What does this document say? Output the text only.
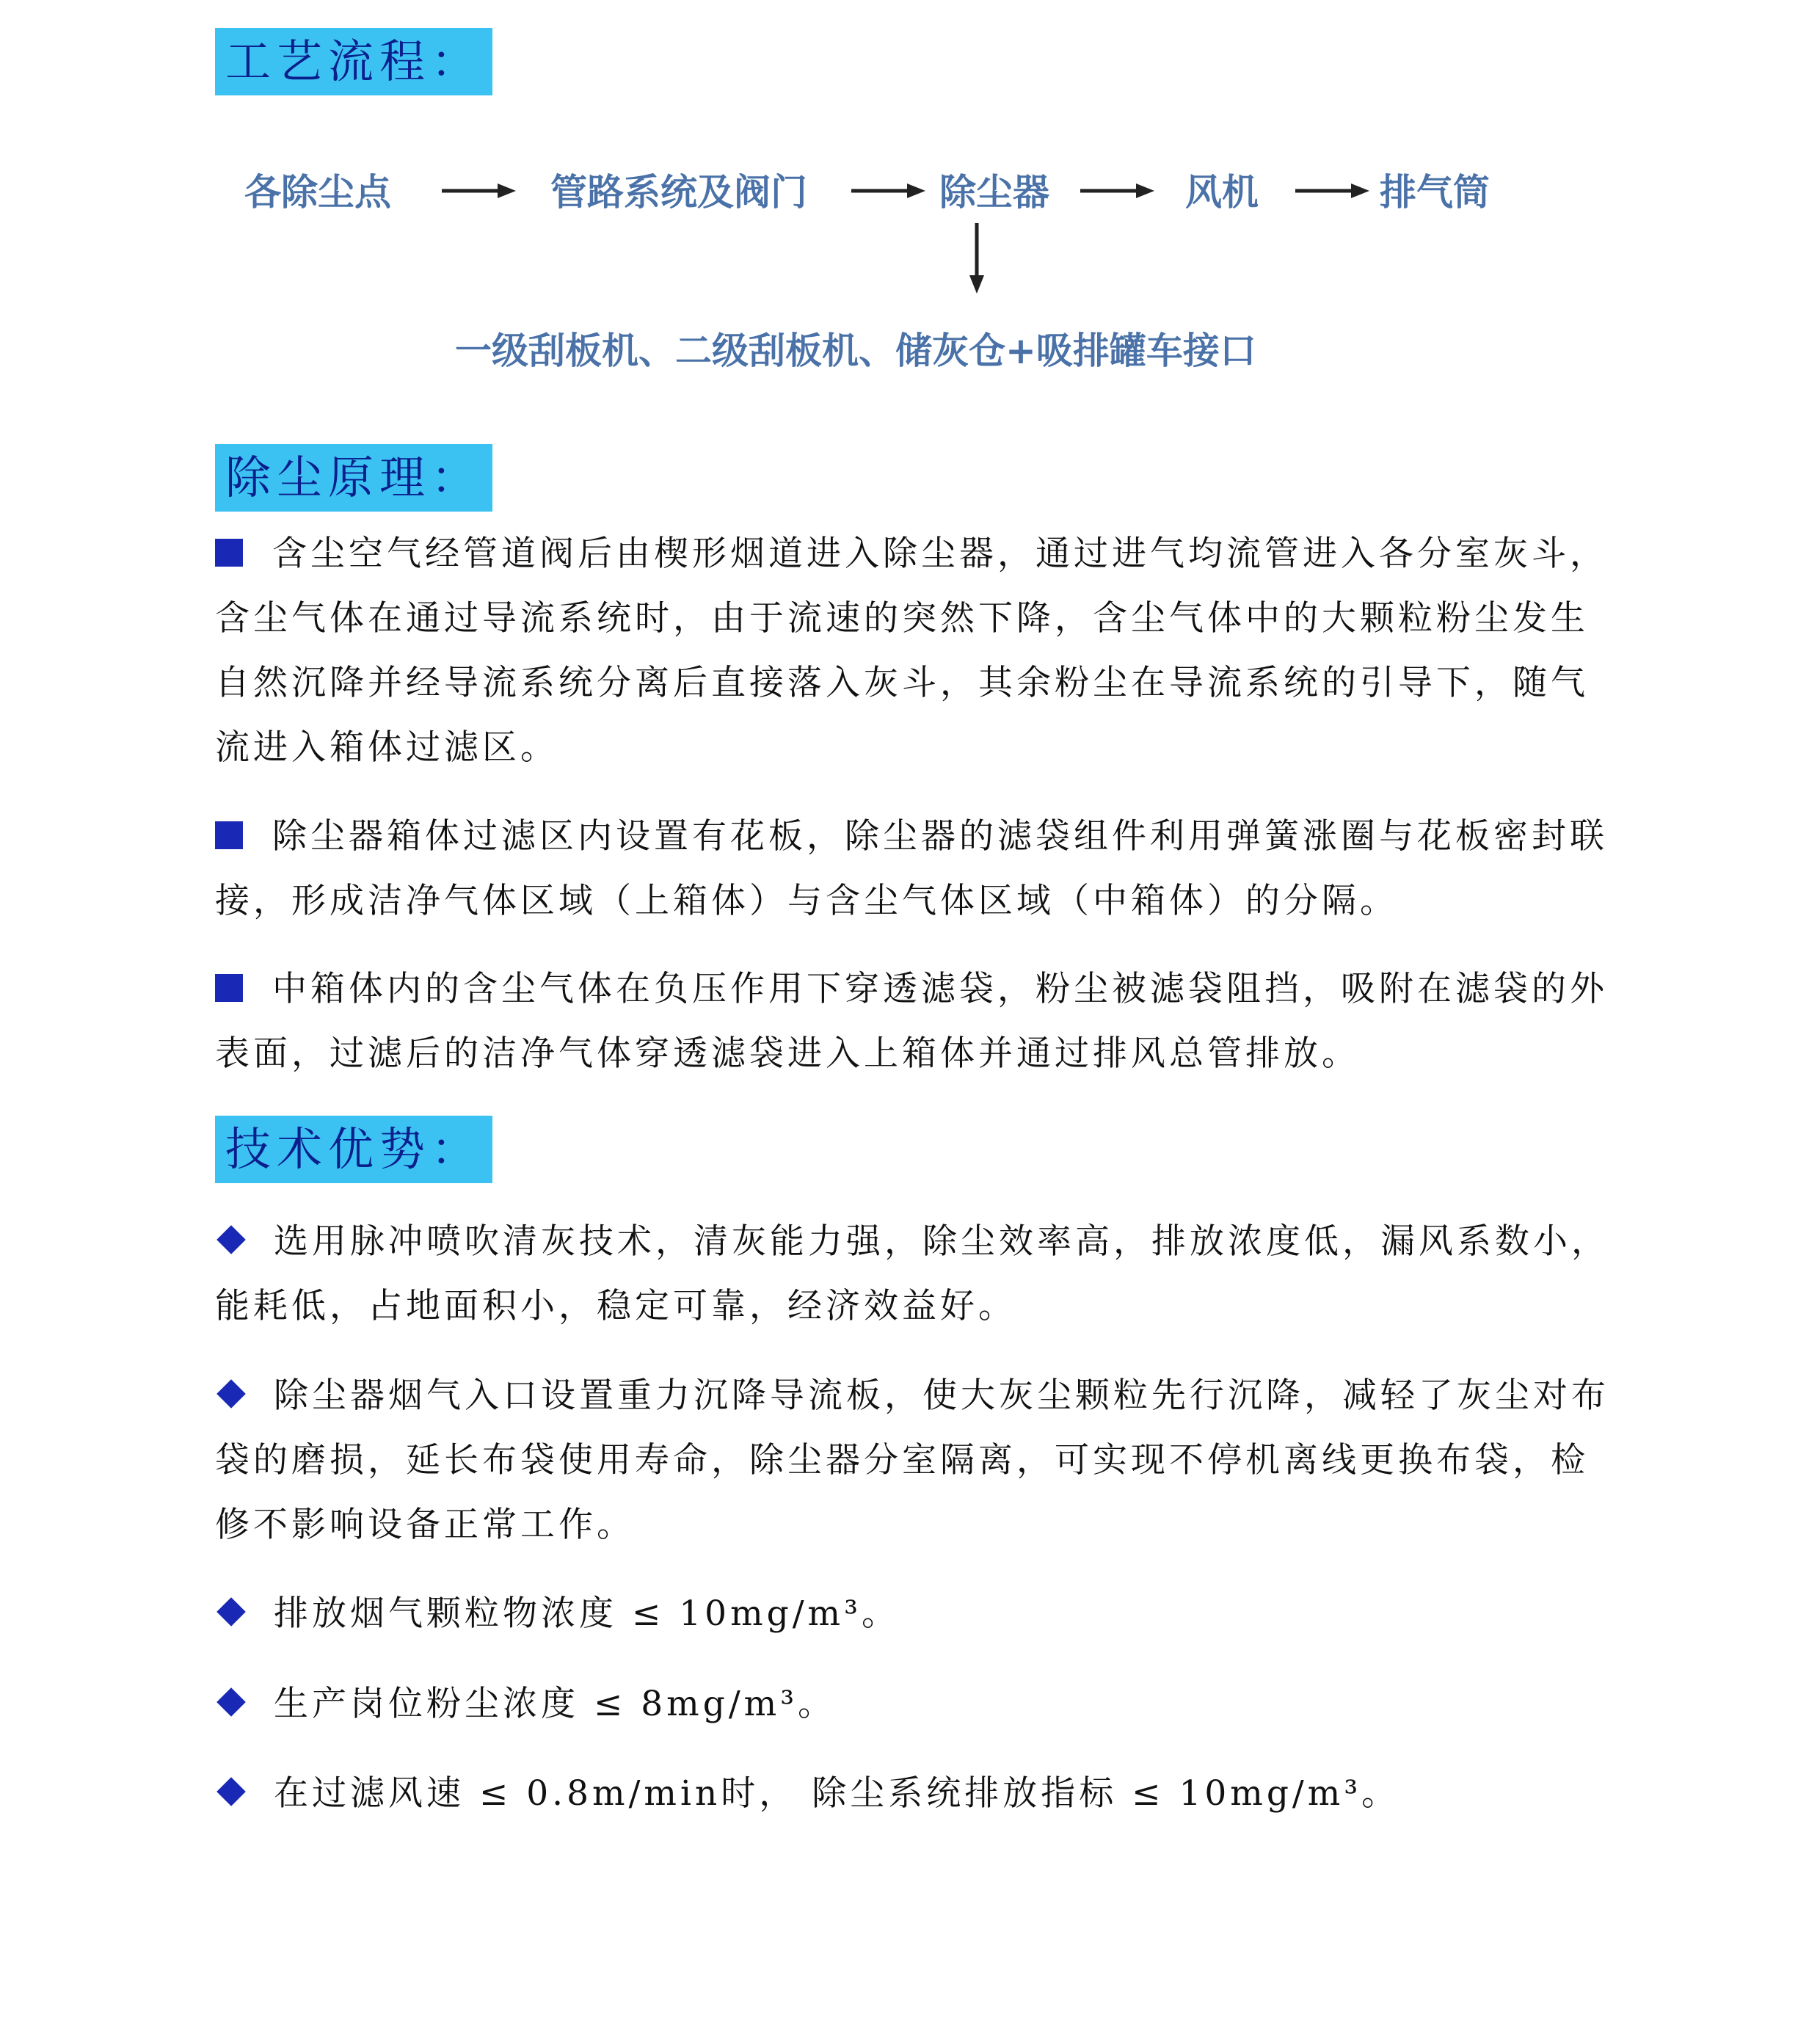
工艺流程：
各除尘点	管路系统及阀门	除尘器	风机	排气筒
一级刮板机、二级刮板机、储灰仓+吸排罐车接口
除尘原理：

含尘空气经管道阀后由楔形烟道进入除尘器，通过进气均流管进入各分室灰斗，含尘气体在通过导流系统时，由于流速的突然下降，含尘气体中的大颗粒粉尘发生自然沉降并经导流系统分离后直接落入灰斗，其余粉尘在导流系统的引导下，随气流进入箱体过滤区。

除尘器箱体过滤区内设置有花板，除尘器的滤袋组件利用弹簧涨圈与花板密封联接，形成洁净气体区域（上箱体）与含尘气体区域（中箱体）的分隔。

中箱体内的含尘气体在负压作用下穿透滤袋，粉尘被滤袋阻挡，吸附在滤袋的外表面，过滤后的洁净气体穿透滤袋进入上箱体并通过排风总管排放。

技术优势：

选用脉冲喷吹清灰技术，清灰能力强，除尘效率高，排放浓度低，漏风系数小，能耗低，占地面积小，稳定可靠，经济效益好。

除尘器烟气入口设置重力沉降导流板，使大灰尘颗粒先行沉降，减轻了灰尘对布袋的磨损，延长布袋使用寿命，除尘器分室隔离，可实现不停机离线更换布袋，检修不影响设备正常工作。

排放烟气颗粒物浓度 ≤ 10mg/m³。

生产岗位粉尘浓度 ≤ 8mg/m³。

在过滤风速 ≤ 0.8m/min时， 除尘系统排放指标 ≤ 10mg/m³。
